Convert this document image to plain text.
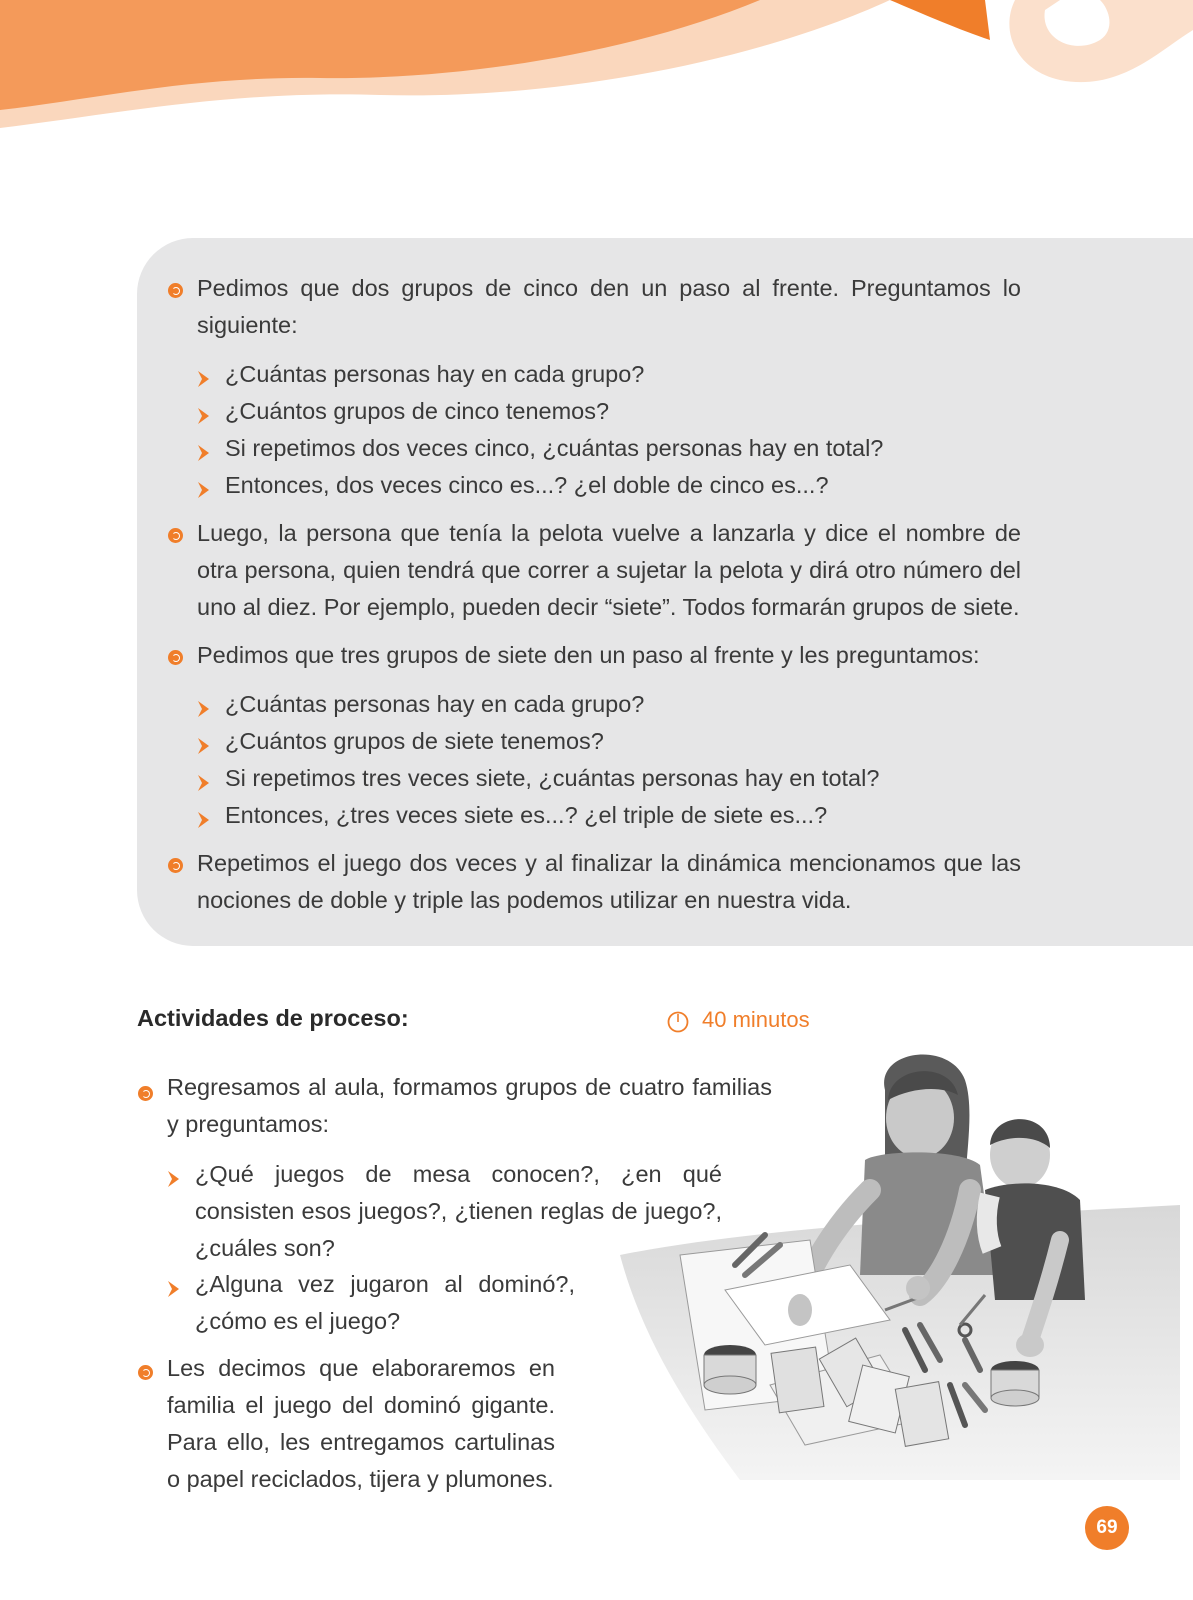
Pedimos que dos grupos de cinco den un paso al frente. Preguntamos lo siguiente:

¿Cuántas personas hay en cada grupo?

¿Cuántos grupos de cinco tenemos?

Si repetimos dos veces cinco, ¿cuántas personas hay en total?

Entonces, dos veces cinco es...? ¿el doble de cinco es...?

Luego, la persona que tenía la pelota vuelve a lanzarla y dice el nombre de otra persona, quien tendrá que correr a sujetar la pelota y dirá otro número del uno al diez. Por ejemplo, pueden decir “siete”. Todos formarán grupos de siete.

Pedimos que tres grupos de siete den un paso al frente y les preguntamos:

¿Cuántas personas hay en cada grupo?

¿Cuántos grupos de siete tenemos?

Si repetimos tres veces siete, ¿cuántas personas hay en total?

Entonces, ¿tres veces siete es...? ¿el triple de siete es...?

Repetimos el juego dos veces y al finalizar la dinámica mencionamos que las nociones de doble y triple las podemos utilizar en nuestra vida.

Actividades de proceso:	40 minutos

Regresamos al aula, formamos grupos de cuatro familias y preguntamos:

¿Qué juegos de mesa conocen?, ¿en qué consisten esos juegos?, ¿tienen reglas de juego?, ¿cuáles son?

¿Alguna vez jugaron al dominó?, ¿cómo es el juego?

Les decimos que elaboraremos en familia el juego del dominó gigante. Para ello, les entregamos cartulinas o papel reciclados, tijera y plumones.

69
